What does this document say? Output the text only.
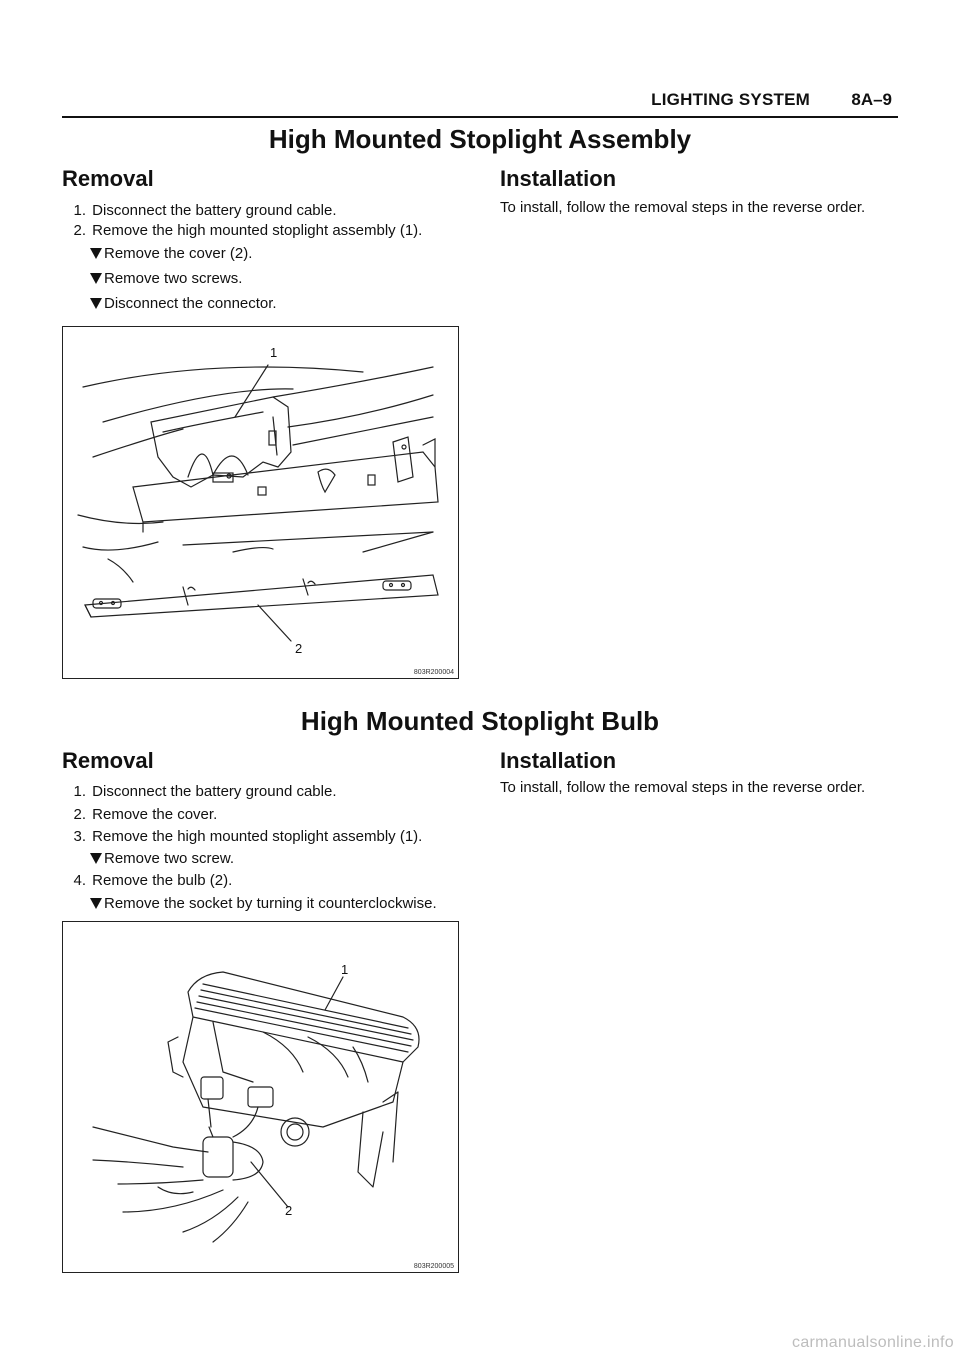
LIGHTING SYSTEM 8A–9
High Mounted Stoplight Assembly
Removal
1. Disconnect the battery ground cable.
2. Remove the high mounted stoplight assembly (1).
Remove the cover (2).
Remove two screws.
Disconnect the connector.
Installation
To install, follow the removal steps in the reverse order.
1
2
803R200004
High Mounted Stoplight Bulb
Removal
1. Disconnect the battery ground cable.
2. Remove the cover.
3. Remove the high mounted stoplight assembly (1).
Remove two screw.
4. Remove the bulb (2).
Remove the socket by turning it counterclockwise.
Installation
To install, follow the removal steps in the reverse order.
1
2
803R200005
carmanualsonline.info
